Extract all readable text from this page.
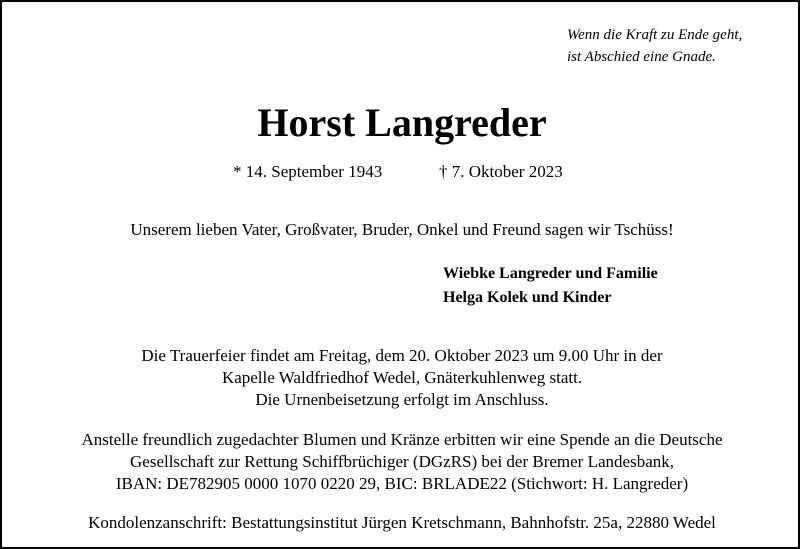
Wenn die Kraft zu Ende geht,
ist Abschied eine Gnade.
Horst Langreder
* 14. September 1943	† 7. Oktober 2023
Unserem lieben Vater, Großvater, Bruder, Onkel und Freund sagen wir Tschüss!
Wiebke Langreder und Familie
Helga Kolek und Kinder
Die Trauerfeier findet am Freitag, dem 20. Oktober 2023 um 9.00 Uhr in der
Kapelle Waldfriedhof Wedel, Gnäterkuhlenweg statt.
Die Urnenbeisetzung erfolgt im Anschluss.
Anstelle freundlich zugedachter Blumen und Kränze erbitten wir eine Spende an die Deutsche
Gesellschaft zur Rettung Schiffbrüchiger (DGzRS) bei der Bremer Landesbank,
IBAN: DE782905 0000 1070 0220 29, BIC: BRLADE22 (Stichwort: H. Langreder)
Kondolenzanschrift: Bestattungsinstitut Jürgen Kretschmann, Bahnhofstr. 25a, 22880 Wedel
